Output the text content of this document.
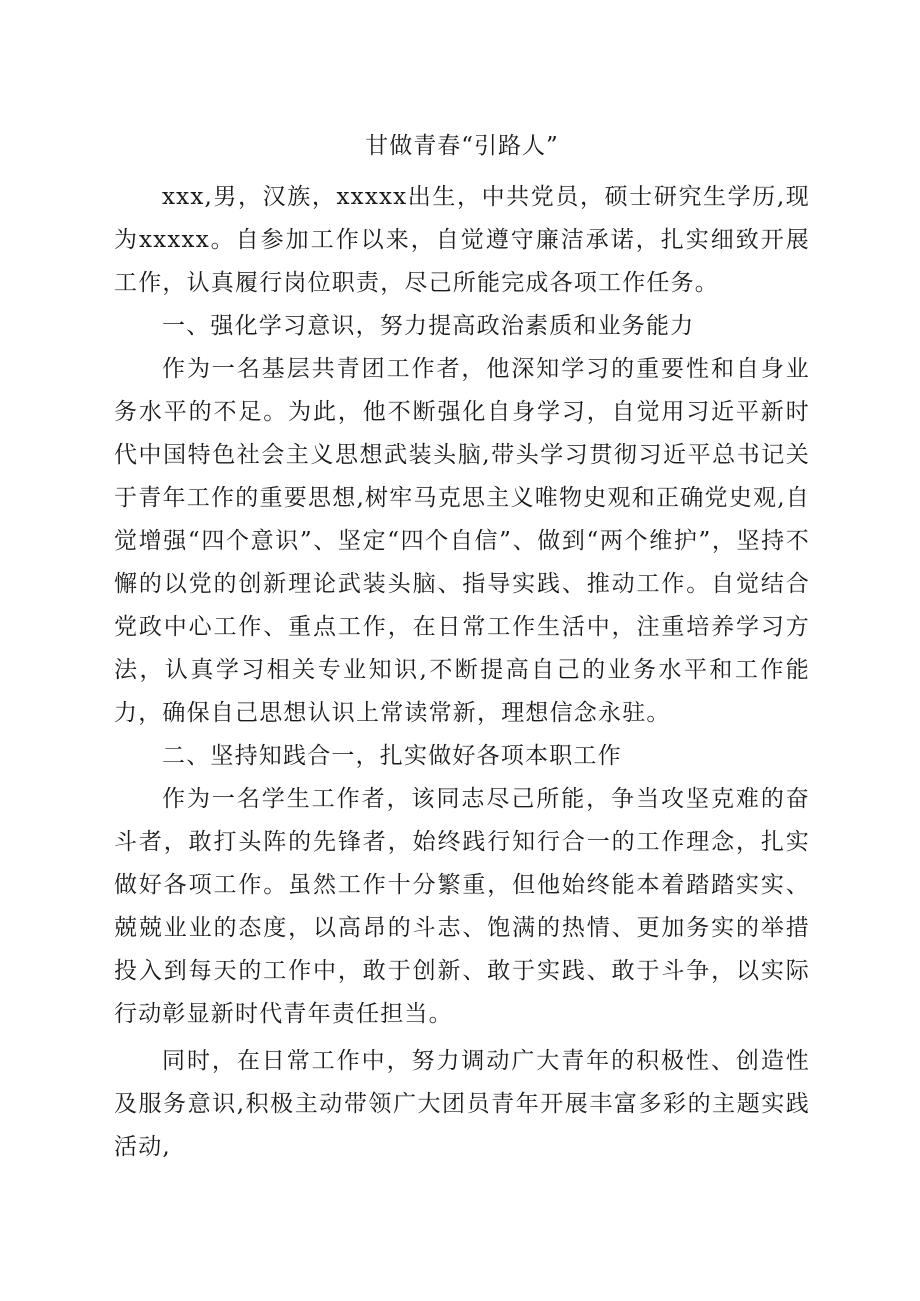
甘做青春“引路人”

xxx,男，汉族，xxxxx出生，中共党员，硕士研究生学历,现为xxxxx。自参加工作以来，自觉遵守廉洁承诺，扎实细致开展工作，认真履行岗位职责，尽己所能完成各项工作任务。

一、强化学习意识，努力提高政治素质和业务能力

作为一名基层共青团工作者，他深知学习的重要性和自身业务水平的不足。为此，他不断强化自身学习，自觉用习近平新时代中国特色社会主义思想武装头脑,带头学习贯彻习近平总书记关于青年工作的重要思想,树牢马克思主义唯物史观和正确党史观,自觉增强“四个意识”、坚定“四个自信”、做到“两个维护”，坚持不懈的以党的创新理论武装头脑、指导实践、推动工作。自觉结合党政中心工作、重点工作，在日常工作生活中，注重培养学习方法，认真学习相关专业知识,不断提高自己的业务水平和工作能力，确保自己思想认识上常读常新，理想信念永驻。

二、坚持知践合一，扎实做好各项本职工作

作为一名学生工作者，该同志尽己所能，争当攻坚克难的奋斗者，敢打头阵的先锋者，始终践行知行合一的工作理念，扎实做好各项工作。虽然工作十分繁重，但他始终能本着踏踏实实、兢兢业业的态度，以高昂的斗志、饱满的热情、更加务实的举措投入到每天的工作中，敢于创新、敢于实践、敢于斗争，以实际行动彰显新时代青年责任担当。

同时，在日常工作中，努力调动广大青年的积极性、创造性及服务意识,积极主动带领广大团员青年开展丰富多彩的主题实践活动,
